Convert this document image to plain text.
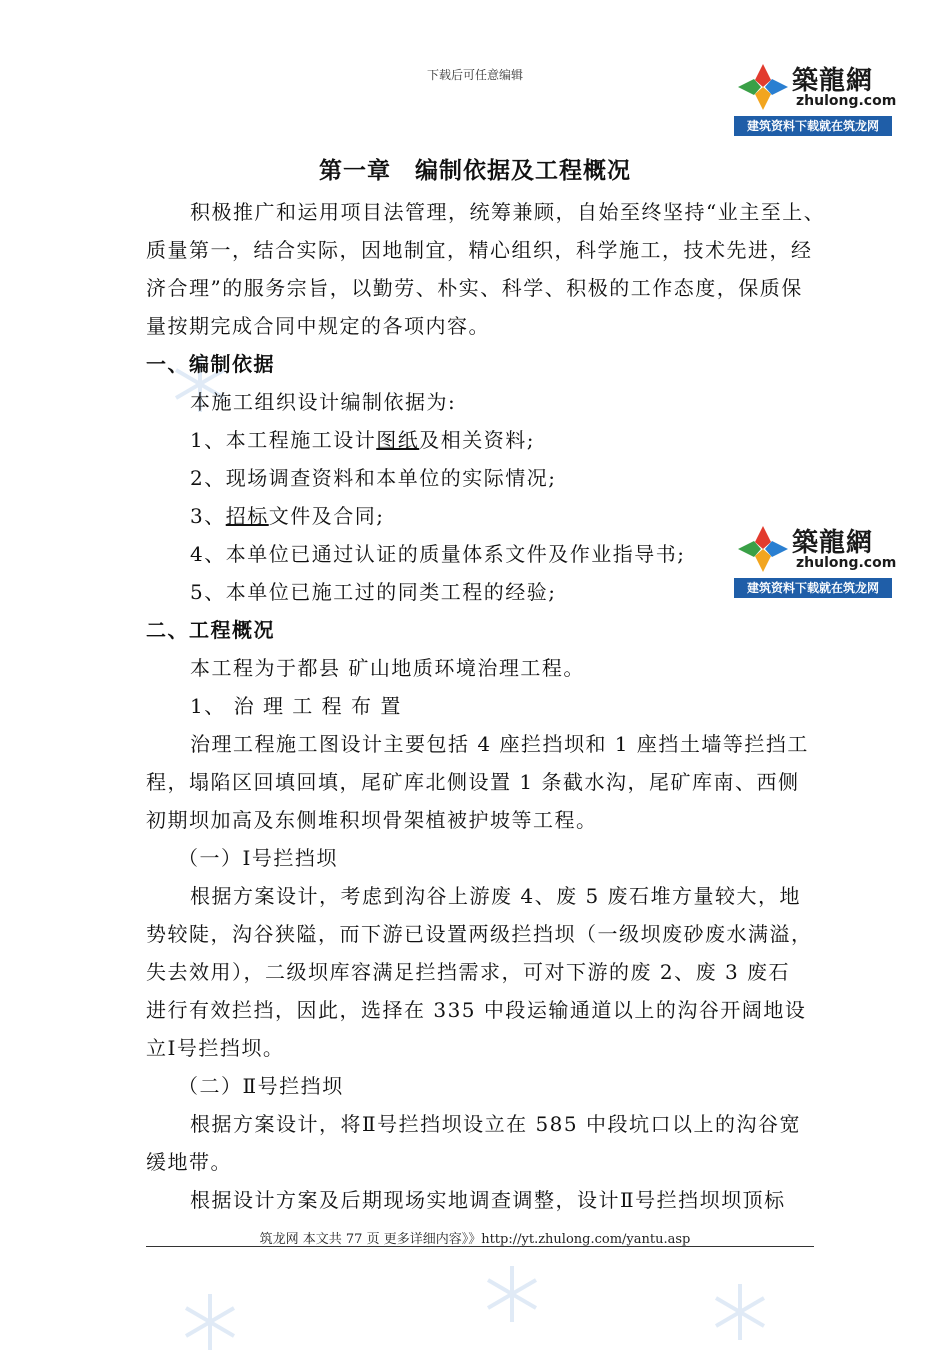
下载后可任意编辑	築龍網
zhulong.com
建筑资料下载就在筑龙网
築龍網
zhulong.com
建筑资料下载就在筑龙网
第一章　编制依据及工程概况
积极推广和运用项目法管理，统筹兼顾，自始至终坚持“业主至上、
质量第一，结合实际，因地制宜，精心组织，科学施工，技术先进，经
济合理”的服务宗旨，以勤劳、朴实、科学、积极的工作态度，保质保
量按期完成合同中规定的各项内容。
一、编制依据
本施工组织设计编制依据为:
1、本工程施工设计图纸及相关资料;
2、现场调查资料和本单位的实际情况;
3、招标文件及合同;
4、本单位已通过认证的质量体系文件及作业指导书;
5、本单位已施工过的同类工程的经验;
二、工程概况
本工程为于都县 矿山地质环境治理工程。
1、 治 理 工 程 布 置
治理工程施工图设计主要包括 4 座拦挡坝和 1 座挡土墙等拦挡工
程，塌陷区回填回填，尾矿库北侧设置 1 条截水沟，尾矿库南、西侧
初期坝加高及东侧堆积坝骨架植被护坡等工程。
（一）Ⅰ号拦挡坝
根据方案设计，考虑到沟谷上游废 4、废 5 废石堆方量较大，地
势较陡，沟谷狭隘，而下游已设置两级拦挡坝（一级坝废砂废水满溢，
失去效用），二级坝库容满足拦挡需求，可对下游的废 2、废 3 废石
进行有效拦挡，因此，选择在 335 中段运输通道以上的沟谷开阔地设
立Ⅰ号拦挡坝。
（二）Ⅱ号拦挡坝
根据方案设计，将Ⅱ号拦挡坝设立在 585 中段坑口以上的沟谷宽
缓地带。
根据设计方案及后期现场实地调查调整，设计Ⅱ号拦挡坝坝顶标
筑龙网 本文共 77 页 更多详细内容》》http://yt.zhulong.com/yantu.asp
